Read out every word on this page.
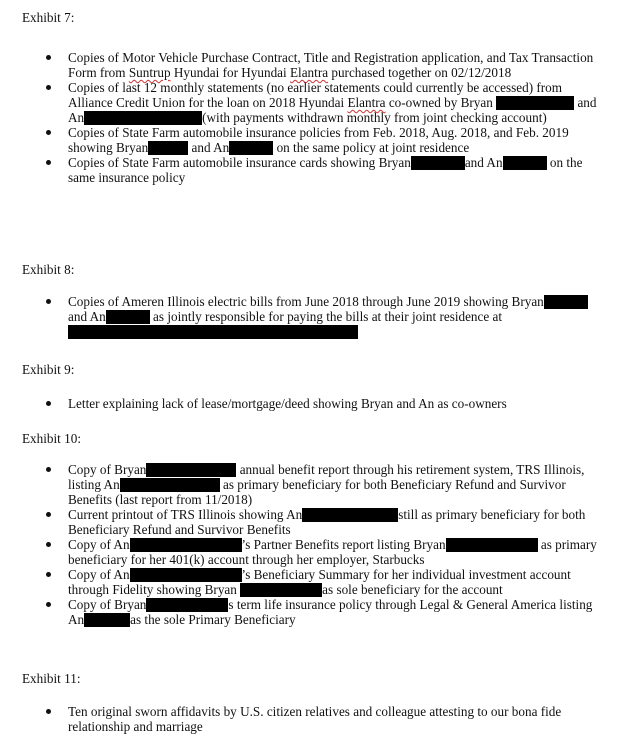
Exhibit 7:
Copies of Motor Vehicle Purchase Contract, Title and Registration application, and Tax Transaction Form from Suntrup Hyundai for Hyundai Elantra purchased together on 02/12/2018
Copies of last 12 monthly statements (no earlier statements could currently be accessed) from Alliance Credit Union for the loan on 2018 Hyundai Elantra co-owned by Bryan	and An	(with payments withdrawn monthly from joint checking account)
Copies of State Farm automobile insurance policies from Feb. 2018, Aug. 2018, and Feb. 2019 showing Bryan	and An	on the same policy at joint residence
Copies of State Farm automobile insurance cards showing Bryan	and An	on the same insurance policy
Exhibit 8:
Copies of Ameren Illinois electric bills from June 2018 through June 2019 showing Bryanand An	as jointly responsible for paying the bills at their joint residence at
Exhibit 9:
Letter explaining lack of lease/mortgage/deed showing Bryan and An as co-owners
Exhibit 10:
Copy of Bryan	annual benefit report through his retirement system, TRS Illinois, listing An	as primary beneficiary for both Beneficiary Refund and Survivor Benefits (last report from 11/2018)
Current printout of TRS Illinois showing An	still as primary beneficiary for both Beneficiary Refund and Survivor Benefits
Copy of An	’s Partner Benefits report listing Bryan	as primary beneficiary for her 401(k) account through her employer, Starbucks
Copy of An	’s Beneficiary Summary for her individual investment account through Fidelity showing Bryan	as sole beneficiary for the account
Copy of Bryan	s term life insurance policy through Legal & General America listing An	as the sole Primary Beneficiary
Exhibit 11:
Ten original sworn affidavits by U.S. citizen relatives and colleague attesting to our bona fide relationship and marriage
